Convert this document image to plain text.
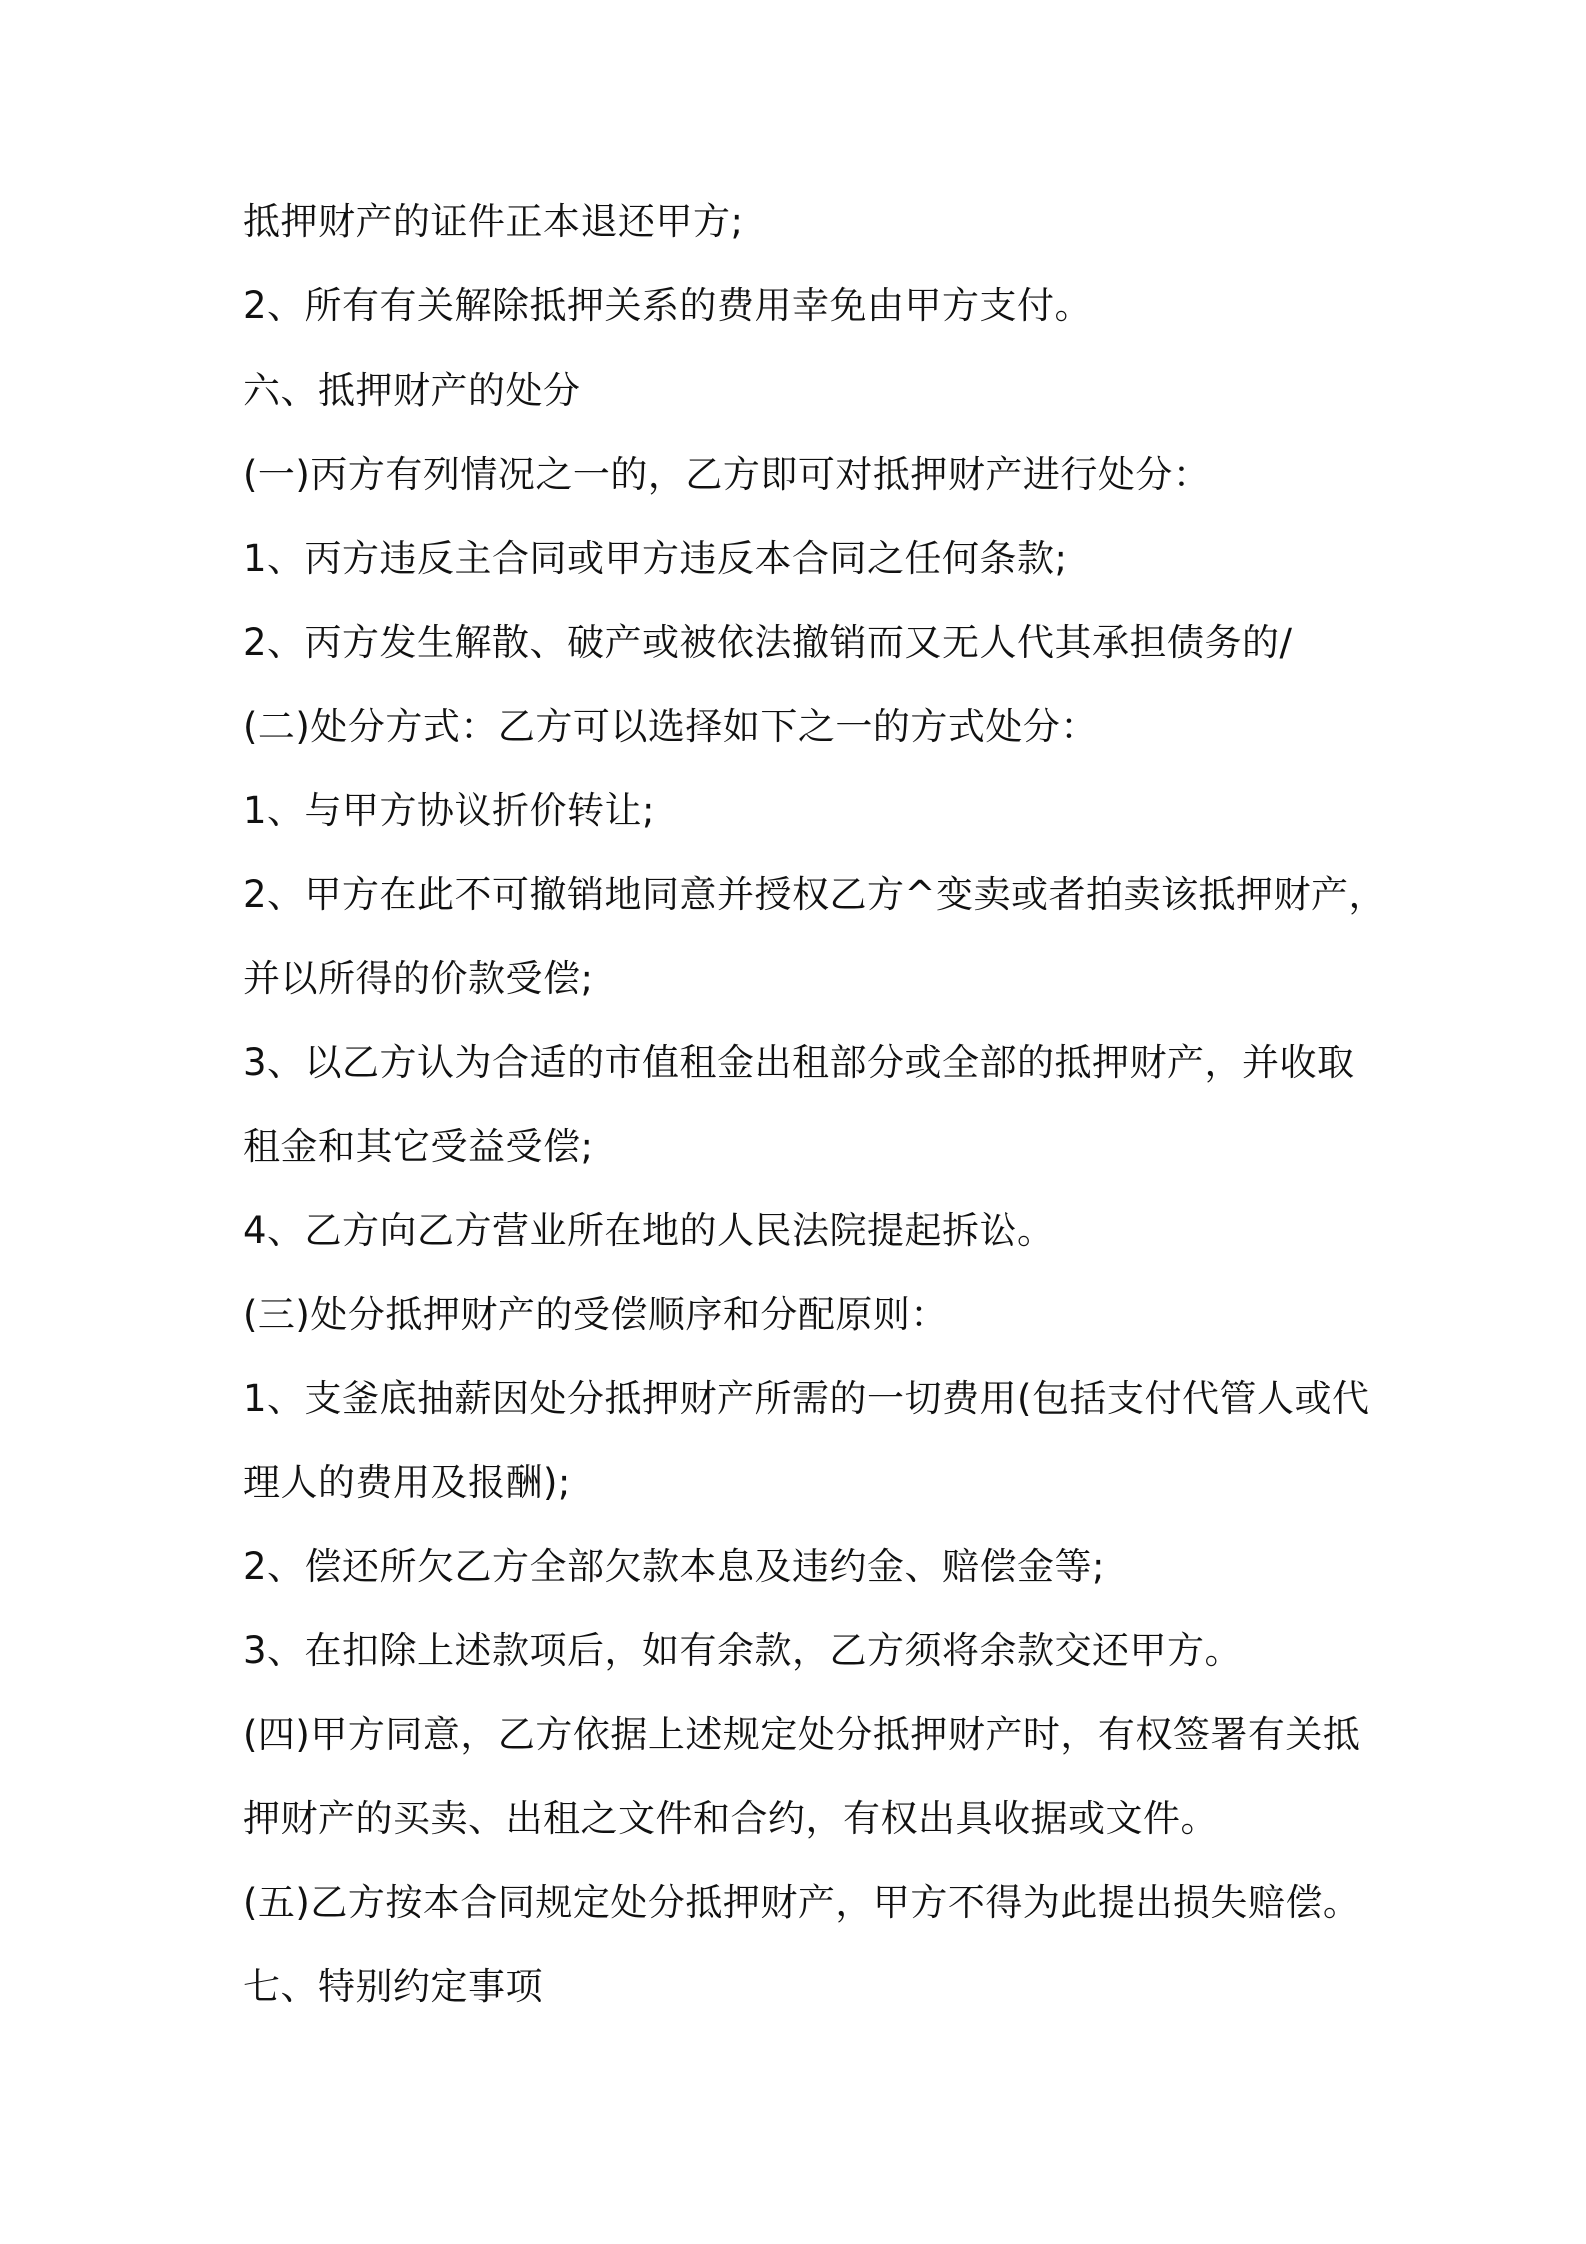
抵押财产的证件正本退还甲方;

2、所有有关解除抵押关系的费用幸免由甲方支付。

六、抵押财产的处分

(一)丙方有列情况之一的，乙方即可对抵押财产进行处分：

1、丙方违反主合同或甲方违反本合同之任何条款;

2、丙方发生解散、破产或被依法撤销而又无人代其承担债务的/

(二)处分方式：乙方可以选择如下之一的方式处分：

1、与甲方协议折价转让;

2、甲方在此不可撤销地同意并授权乙方^变卖或者拍卖该抵押财产，

并以所得的价款受偿;

3、以乙方认为合适的市值租金出租部分或全部的抵押财产，并收取

租金和其它受益受偿;

4、乙方向乙方营业所在地的人民法院提起拆讼。

(三)处分抵押财产的受偿顺序和分配原则：

1、支釜底抽薪因处分抵押财产所需的一切费用(包括支付代管人或代

理人的费用及报酬);

2、偿还所欠乙方全部欠款本息及违约金、赔偿金等;

3、在扣除上述款项后，如有余款，乙方须将余款交还甲方。

(四)甲方同意，乙方依据上述规定处分抵押财产时，有权签署有关抵

押财产的买卖、出租之文件和合约，有权出具收据或文件。

(五)乙方按本合同规定处分抵押财产，甲方不得为此提出损失赔偿。

七、特别约定事项
